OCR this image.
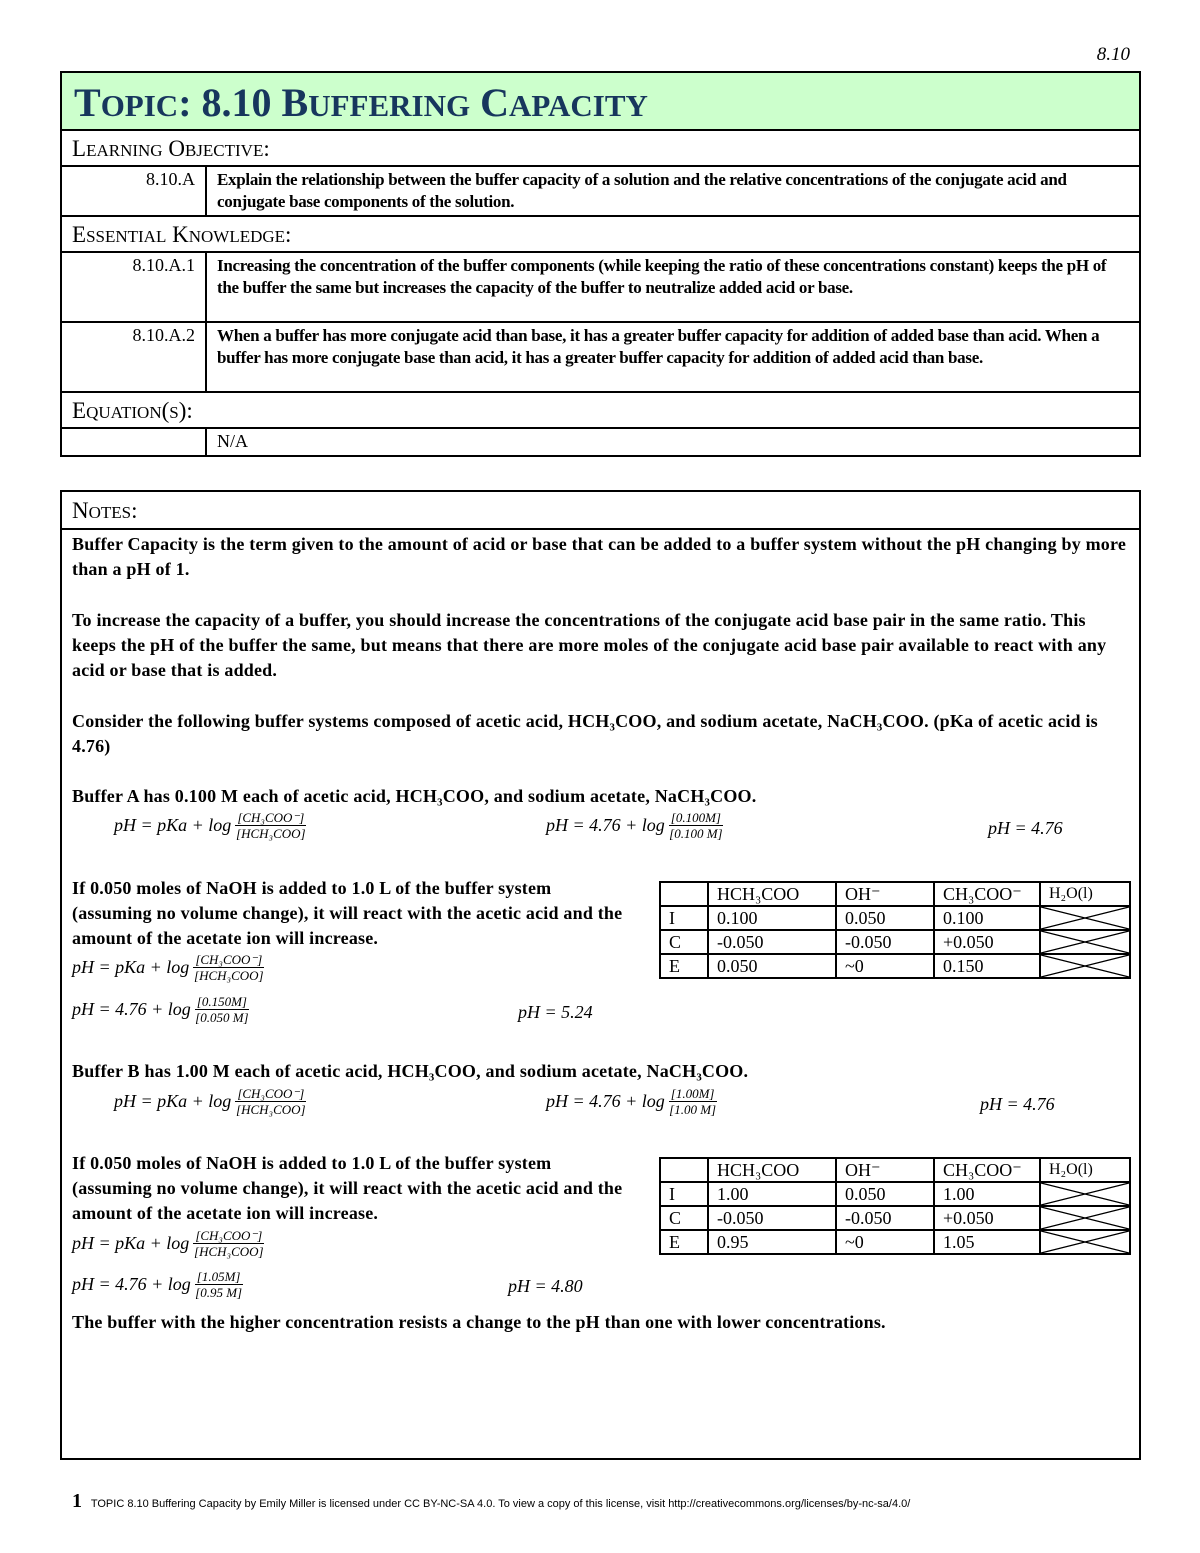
8.10
TOPIC: 8.10 BUFFERING CAPACITY	
LEARNING OBJECTIVE:	
8.10.A	Explain the relationship between the buffer capacity of a solution and the relative concentrations of the conjugate acid and conjugate base components of the solution.
ESSENTIAL KNOWLEDGE:	
8.10.A.1	Increasing the concentration of the buffer components (while keeping the ratio of these concentrations constant) keeps the pH of the buffer the same but increases the capacity of the buffer to neutralize added acid or base.
8.10.A.2	When a buffer has more conjugate acid than base, it has a greater buffer capacity for addition of added base than acid. When a buffer has more conjugate base than acid, it has a greater buffer capacity for addition of added acid than base.
EQUATION(S):	
	N/A
NOTES:
Buffer Capacity is the term given to the amount of acid or base that can be added to a buffer system without the pH changing by more than a pH of 1.
To increase the capacity of a buffer, you should increase the concentrations of the conjugate acid base pair in the same ratio. This keeps the pH of the buffer the same, but means that there are more moles of the conjugate acid base pair available to react with any acid or base that is added.
Consider the following buffer systems composed of acetic acid, HCH₃COO, and sodium acetate, NaCH₃COO. (pKa of acetic acid is 4.76)
Buffer A has 0.100 M each of acetic acid, HCH₃COO, and sodium acetate, NaCH₃COO.
pH = pKa + $\log \frac{\text{[CH₃COO⁻]}}{\text{[HCH₃COO]}}$	pH = $4.76 + \log \frac{[0.100M]}{[0.100 M]}$	pH = 4.76
If 0.050 moles of NaOH is added to 1.0 L of the buffer system (assuming no volume change), it will react with the acetic acid and the amount of the acetate ion will increase.
pH = pKa + $\log \frac{\text{[CH₃COO⁻]}}{\text{[HCH₃COO]}}$
pH = $4.76 + \log \frac{[0.150M]}{[0.050 M]}$	pH = 5.24
	HCH₃COO	OH⁻	CH₃COO⁻	H₂O(l)
I	0.100	0.050	0.100	
C	-0.050	-0.050	+0.050	
E	0.050	~0	0.150	
Buffer B has 1.00 M each of acetic acid, HCH₃COO, and sodium acetate, NaCH₃COO.
pH = pKa + $\log \frac{\text{[CH₃COO⁻]}}{\text{[HCH₃COO]}}$	pH = $4.76 + \log \frac{[1.00M]}{[1.00 M]}$	pH = 4.76
If 0.050 moles of NaOH is added to 1.0 L of the buffer system (assuming no volume change), it will react with the acetic acid and the amount of the acetate ion will increase.
pH = pKa + $\log \frac{\text{[CH₃COO⁻]}}{\text{[HCH₃COO]}}$
pH = $4.76 + \log \frac{[1.05M]}{[0.95 M]}$	pH = 4.80
	HCH₃COO	OH⁻	CH₃COO⁻	H₂O(l)
I	1.00	0.050	1.00	
C	-0.050	-0.050	+0.050	
E	0.95	~0	1.05	
The buffer with the higher concentration resists a change to the pH than one with lower concentrations.
1 TOPIC 8.10 Buffering Capacity by Emily Miller is licensed under CC BY-NC-SA 4.0. To view a copy of this license, visit http://creativecommons.org/licenses/by-nc-sa/4.0/
